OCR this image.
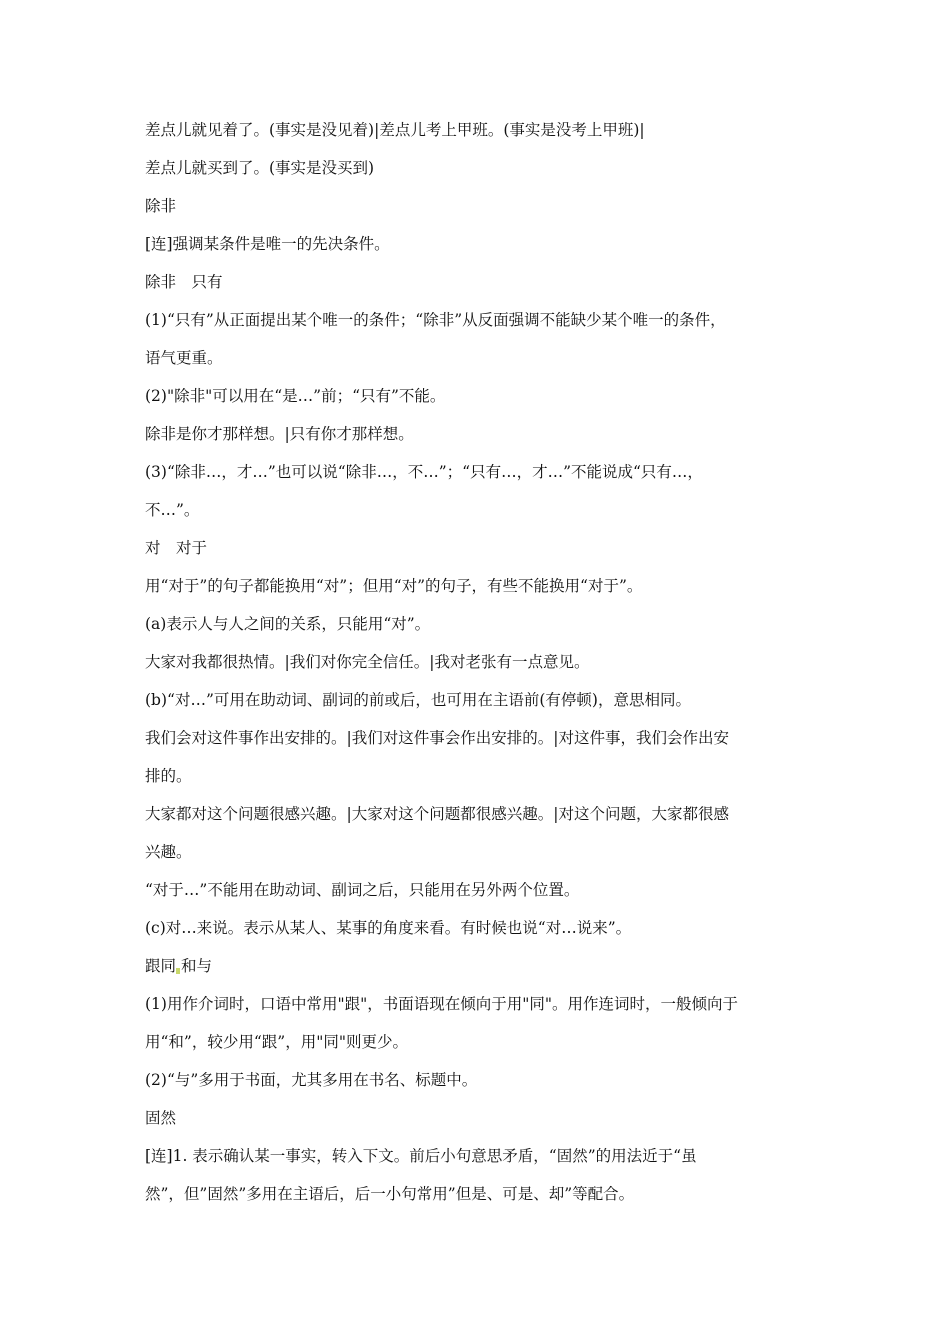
差点儿就见着了。(事实是没见着)|差点儿考上甲班。(事实是没考上甲班)|
差点儿就买到了。(事实是没买到)
除非
[连]强调某条件是唯一的先决条件。
除非　只有
(1)“只有”从正面提出某个唯一的条件；“除非”从反面强调不能缺少某个唯一的条件，
语气更重。
(2)"除非"可以用在“是…”前；“只有”不能。
除非是你才那样想。|只有你才那样想。
(3)“除非…，才…”也可以说“除非…，不…”；“只有…，才…”不能说成“只有…，
不…”。
对　对于
用“对于”的句子都能换用“对”；但用“对”的句子，有些不能换用“对于”。
(a)表示人与人之间的关系，只能用“对”。
大家对我都很热情。|我们对你完全信任。|我对老张有一点意见。
(b)“对…”可用在助动词、副词的前或后，也可用在主语前(有停顿)，意思相同。
我们会对这件事作出安排的。|我们对这件事会作出安排的。|对这件事，我们会作出安
排的。
大家都对这个问题很感兴趣。|大家对这个问题都很感兴趣。|对这个问题，大家都很感
兴趣。
“对于…”不能用在助动词、副词之后，只能用在另外两个位置。
(c)对…来说。表示从某人、某事的角度来看。有时候也说“对…说来”。
跟同 和与
(1)用作介词时，口语中常用"跟"，书面语现在倾向于用"同"。用作连词时，一般倾向于
用“和”，较少用“跟”，用"同"则更少。
(2)“与”多用于书面，尤其多用在书名、标题中。
固然
[连]1. 表示确认某一事实，转入下文。前后小句意思矛盾，“固然”的用法近于“虽
然”，但”固然”多用在主语后，后一小句常用”但是、可是、却”等配合。
